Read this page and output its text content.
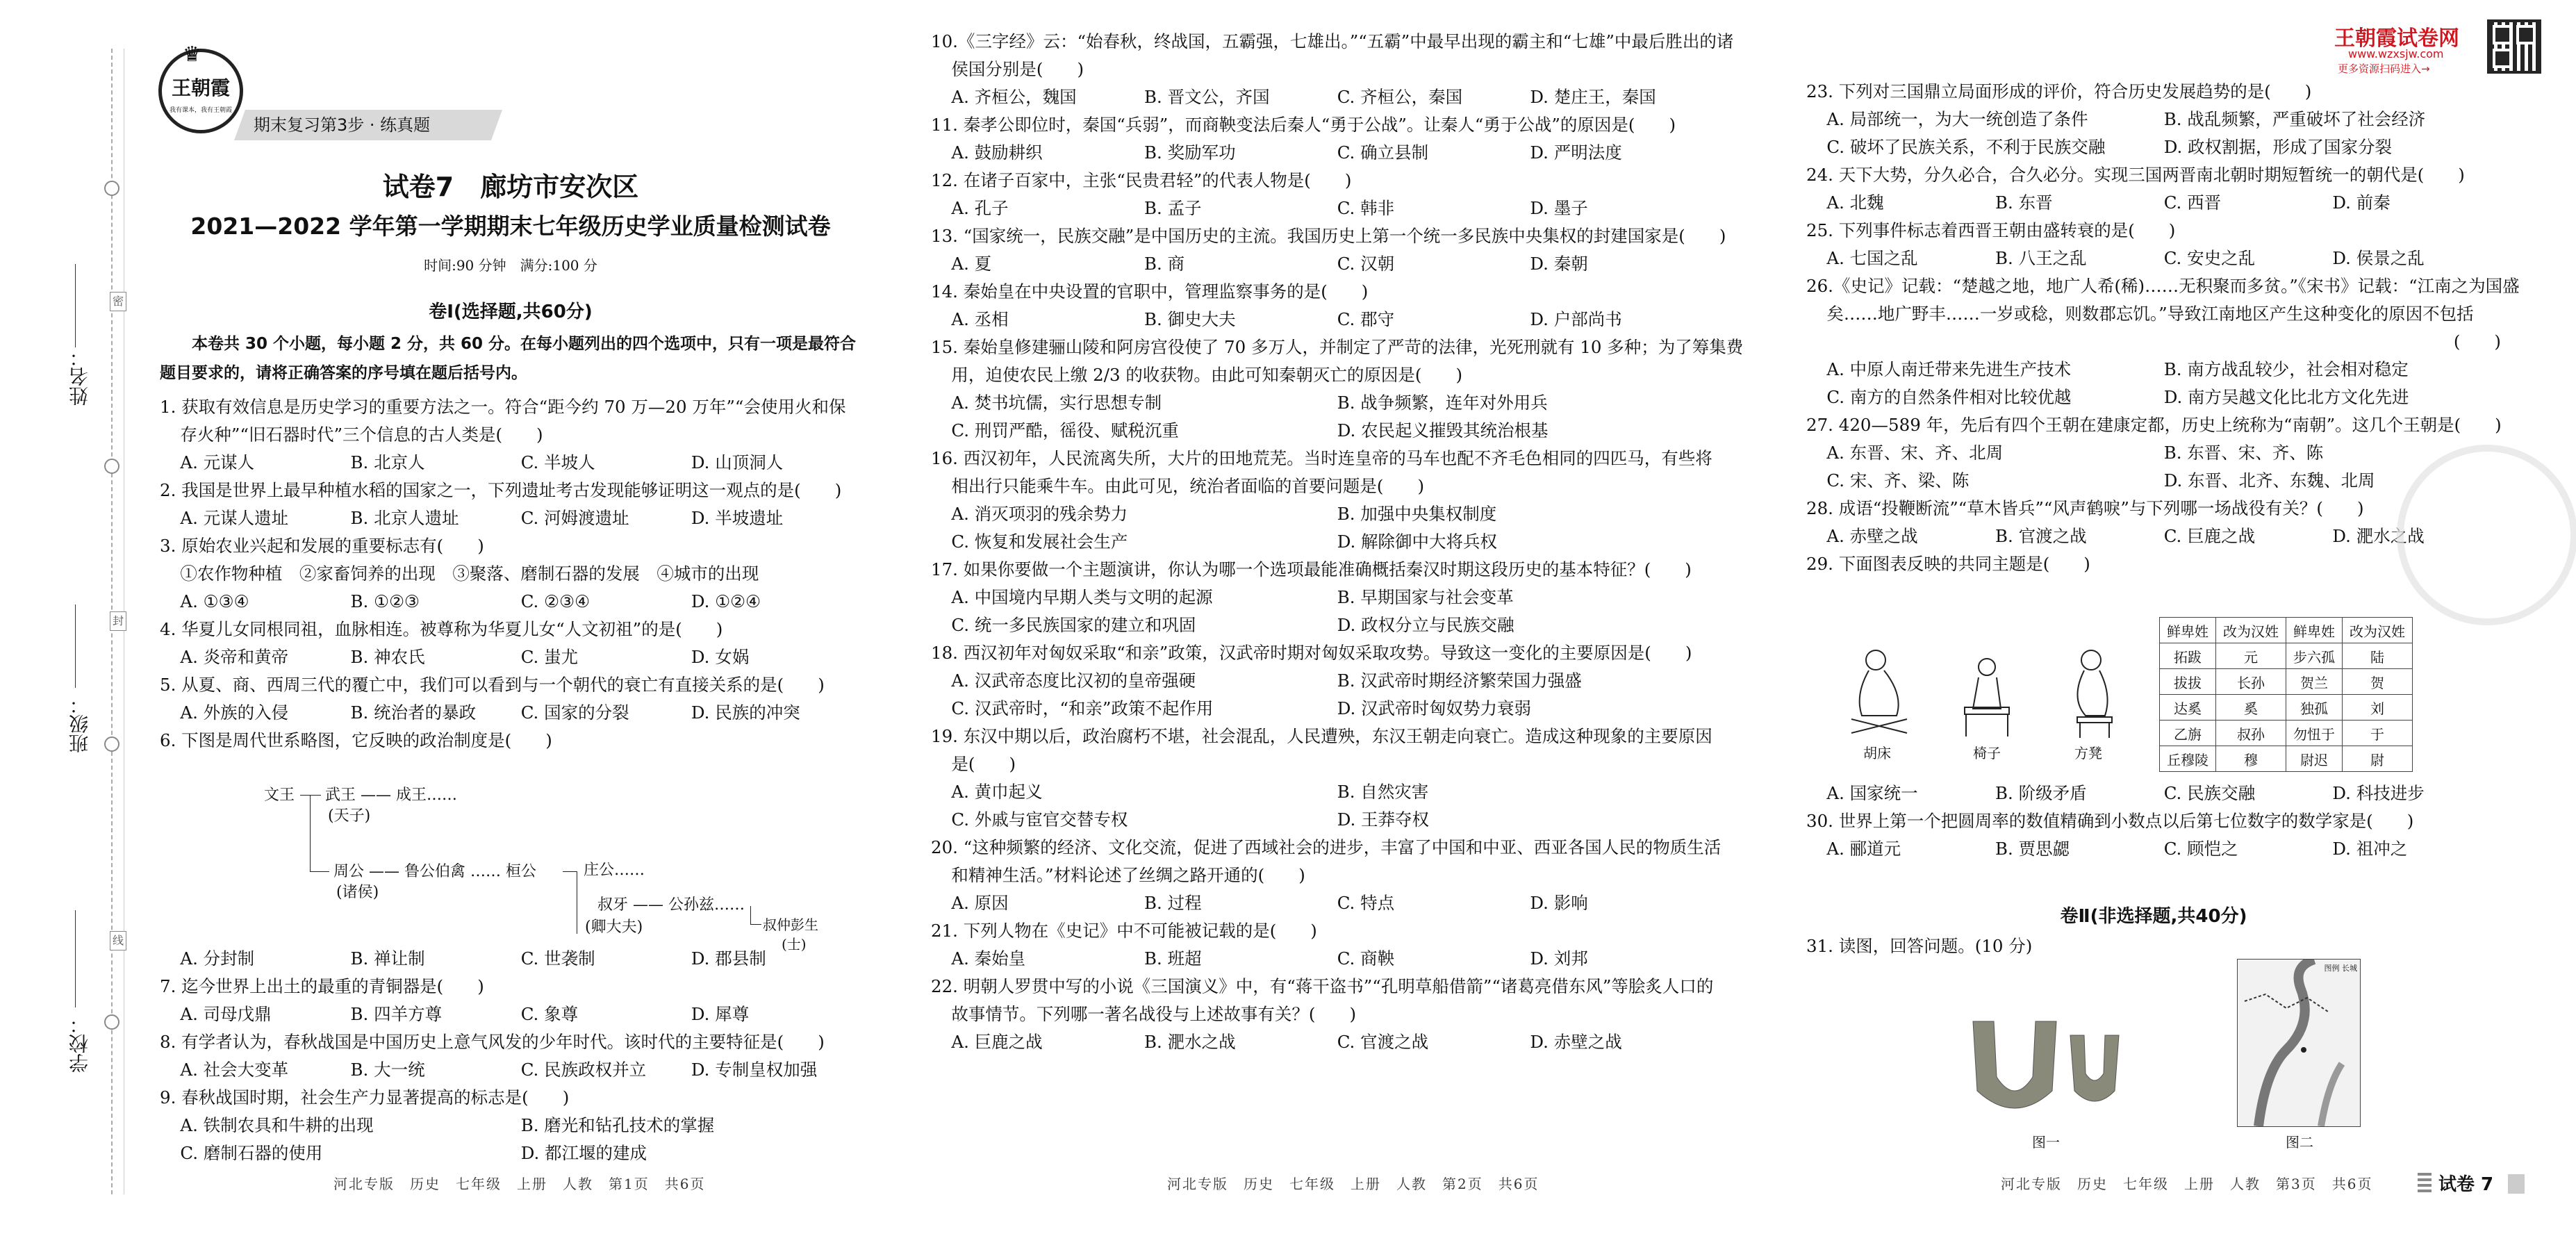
姓名：
班级：
学校：
密
封
线
♛
王朝霞
我有课本，我有王朝霞
期末复习第3步 · 练真题
王朝霞试卷网
www.wzxsjw.com
更多资源扫码进入→
试卷7　廊坊市安次区
2021—2022 学年第一学期期末七年级历史学业质量检测试卷
时间:90 分钟　满分:100 分
卷Ⅰ(选择题,共60分)
本卷共 30 个小题，每小题 2 分，共 60 分。在每小题列出的四个选项中，只有一项是最符合题目要求的，请将正确答案的序号填在题后括号内。
1. 获取有效信息是历史学习的重要方法之一。符合“距今约 70 万—20 万年”“会使用火和保
存火种”“旧石器时代”三个信息的古人类是(　　)
A. 元谋人	B. 北京人	C. 半坡人	D. 山顶洞人
2. 我国是世界上最早种植水稻的国家之一，下列遗址考古发现能够证明这一观点的是(　　)
A. 元谋人遗址	B. 北京人遗址	C. 河姆渡遗址	D. 半坡遗址
3. 原始农业兴起和发展的重要标志有(　　)
①农作物种植　②家畜饲养的出现　③聚落、磨制石器的发展　④城市的出现
A. ①③④	B. ①②③	C. ②③④	D. ①②④
4. 华夏儿女同根同祖，血脉相连。被尊称为华夏儿女“人文初祖”的是(　　)
A. 炎帝和黄帝	B. 神农氏	C. 蚩尤	D. 女娲
5. 从夏、商、西周三代的覆亡中，我们可以看到与一个朝代的衰亡有直接关系的是(　　)
A. 外族的入侵	B. 统治者的暴政	C. 国家的分裂	D. 民族的冲突
6. 下图是周代世系略图，它反映的政治制度是(　　)
文王 武王 —— 成王……
(天子)
周公 —— 鲁公伯禽 …… 桓公
(诸侯)
庄公……
叔牙 —— 公孙兹……
(卿大夫)	叔仲彭生
(士)
A. 分封制	B. 禅让制	C. 世袭制	D. 郡县制
7. 迄今世界上出土的最重的青铜器是(　　)
A. 司母戊鼎	B. 四羊方尊	C. 象尊	D. 犀尊
8. 有学者认为，春秋战国是中国历史上意气风发的少年时代。该时代的主要特征是(　　)
A. 社会大变革	B. 大一统	C. 民族政权并立	D. 专制皇权加强
9. 春秋战国时期，社会生产力显著提高的标志是(　　)
A. 铁制农具和牛耕的出现	B. 磨光和钻孔技术的掌握
C. 磨制石器的使用	D. 都江堰的建成
河北专版　历史　七年级　上册　人教　第1页　共6页
10.《三字经》云：“始春秋，终战国，五霸强，七雄出。”“五霸”中最早出现的霸主和“七雄”中最后胜出的诸
侯国分别是(　　)
A. 齐桓公，魏国	B. 晋文公，齐国	C. 齐桓公，秦国	D. 楚庄王，秦国
11. 秦孝公即位时，秦国“兵弱”，而商鞅变法后秦人“勇于公战”。让秦人“勇于公战”的原因是(　　)
A. 鼓励耕织	B. 奖励军功	C. 确立县制	D. 严明法度
12. 在诸子百家中，主张“民贵君轻”的代表人物是(　　)
A. 孔子	B. 孟子	C. 韩非	D. 墨子
13. “国家统一，民族交融”是中国历史的主流。我国历史上第一个统一多民族中央集权的封建国家是(　　)
A. 夏	B. 商	C. 汉朝	D. 秦朝
14. 秦始皇在中央设置的官职中，管理监察事务的是(　　)
A. 丞相	B. 御史大夫	C. 郡守	D. 户部尚书
15. 秦始皇修建骊山陵和阿房宫役使了 70 多万人，并制定了严苛的法律，光死刑就有 10 多种；为了筹集费
用，迫使农民上缴 2/3 的收获物。由此可知秦朝灭亡的原因是(　　)
A. 焚书坑儒，实行思想专制	B. 战争频繁，连年对外用兵
C. 刑罚严酷，徭役、赋税沉重	D. 农民起义摧毁其统治根基
16. 西汉初年，人民流离失所，大片的田地荒芜。当时连皇帝的马车也配不齐毛色相同的四匹马，有些将
相出行只能乘牛车。由此可见，统治者面临的首要问题是(　　)
A. 消灭项羽的残余势力	B. 加强中央集权制度
C. 恢复和发展社会生产	D. 解除御中大将兵权
17. 如果你要做一个主题演讲，你认为哪一个选项最能准确概括秦汉时期这段历史的基本特征？(　　)
A. 中国境内早期人类与文明的起源	B. 早期国家与社会变革
C. 统一多民族国家的建立和巩固	D. 政权分立与民族交融
18. 西汉初年对匈奴采取“和亲”政策，汉武帝时期对匈奴采取攻势。导致这一变化的主要原因是(　　)
A. 汉武帝态度比汉初的皇帝强硬	B. 汉武帝时期经济繁荣国力强盛
C. 汉武帝时，“和亲”政策不起作用	D. 汉武帝时匈奴势力衰弱
19. 东汉中期以后，政治腐朽不堪，社会混乱，人民遭殃，东汉王朝走向衰亡。造成这种现象的主要原因
是(　　)
A. 黄巾起义	B. 自然灾害
C. 外戚与宦官交替专权	D. 王莽夺权
20. “这种频繁的经济、文化交流，促进了西域社会的进步，丰富了中国和中亚、西亚各国人民的物质生活
和精神生活。”材料论述了丝绸之路开通的(　　)
A. 原因	B. 过程	C. 特点	D. 影响
21. 下列人物在《史记》中不可能被记载的是(　　)
A. 秦始皇	B. 班超	C. 商鞅	D. 刘邦
22. 明朝人罗贯中写的小说《三国演义》中，有“蒋干盗书”“孔明草船借箭”“诸葛亮借东风”等脍炙人口的
故事情节。下列哪一著名战役与上述故事有关？(　　)
A. 巨鹿之战	B. 淝水之战	C. 官渡之战	D. 赤壁之战
河北专版　历史　七年级　上册　人教　第2页　共6页
23. 下列对三国鼎立局面形成的评价，符合历史发展趋势的是(　　)
A. 局部统一，为大一统创造了条件	B. 战乱频繁，严重破坏了社会经济
C. 破坏了民族关系，不利于民族交融	D. 政权割据，形成了国家分裂
24. 天下大势，分久必合，合久必分。实现三国两晋南北朝时期短暂统一的朝代是(　　)
A. 北魏	B. 东晋	C. 西晋	D. 前秦
25. 下列事件标志着西晋王朝由盛转衰的是(　　)
A. 七国之乱	B. 八王之乱	C. 安史之乱	D. 侯景之乱
26.《史记》记载：“楚越之地，地广人希(稀)……无积聚而多贫。”《宋书》记载：“江南之为国盛
矣……地广野丰……一岁或稔，则数郡忘饥。”导致江南地区产生这种变化的原因不包括
(　　)
A. 中原人南迁带来先进生产技术	B. 南方战乱较少，社会相对稳定
C. 南方的自然条件相对比较优越	D. 南方吴越文化比北方文化先进
27. 420—589 年，先后有四个王朝在建康定都，历史上统称为“南朝”。这几个王朝是(　　)
A. 东晋、宋、齐、北周	B. 东晋、宋、齐、陈
C. 宋、齐、梁、陈	D. 东晋、北齐、东魏、北周
28. 成语“投鞭断流”“草木皆兵”“风声鹤唳”与下列哪一场战役有关？(　　)
A. 赤壁之战	B. 官渡之战	C. 巨鹿之战	D. 淝水之战
29. 下面图表反映的共同主题是(　　)
胡床	椅子	方凳
鲜卑姓	改为汉姓	鲜卑姓	改为汉姓
拓跋	元	步六孤	陆
拔拔	长孙	贺兰	贺
达奚	奚	独孤	刘
乙旃	叔孙	勿忸于	于
丘穆陵	穆	尉迟	尉
A. 国家统一	B. 阶级矛盾	C. 民族交融	D. 科技进步
30. 世界上第一个把圆周率的数值精确到小数点以后第七位数字的数学家是(　　)
A. 郦道元	B. 贾思勰	C. 顾恺之	D. 祖冲之
卷Ⅱ(非选择题,共40分)
31. 读图，回答问题。(10 分)
图一
图例 长城
图二
河北专版　历史　七年级　上册　人教　第3页　共6页	试卷 7
